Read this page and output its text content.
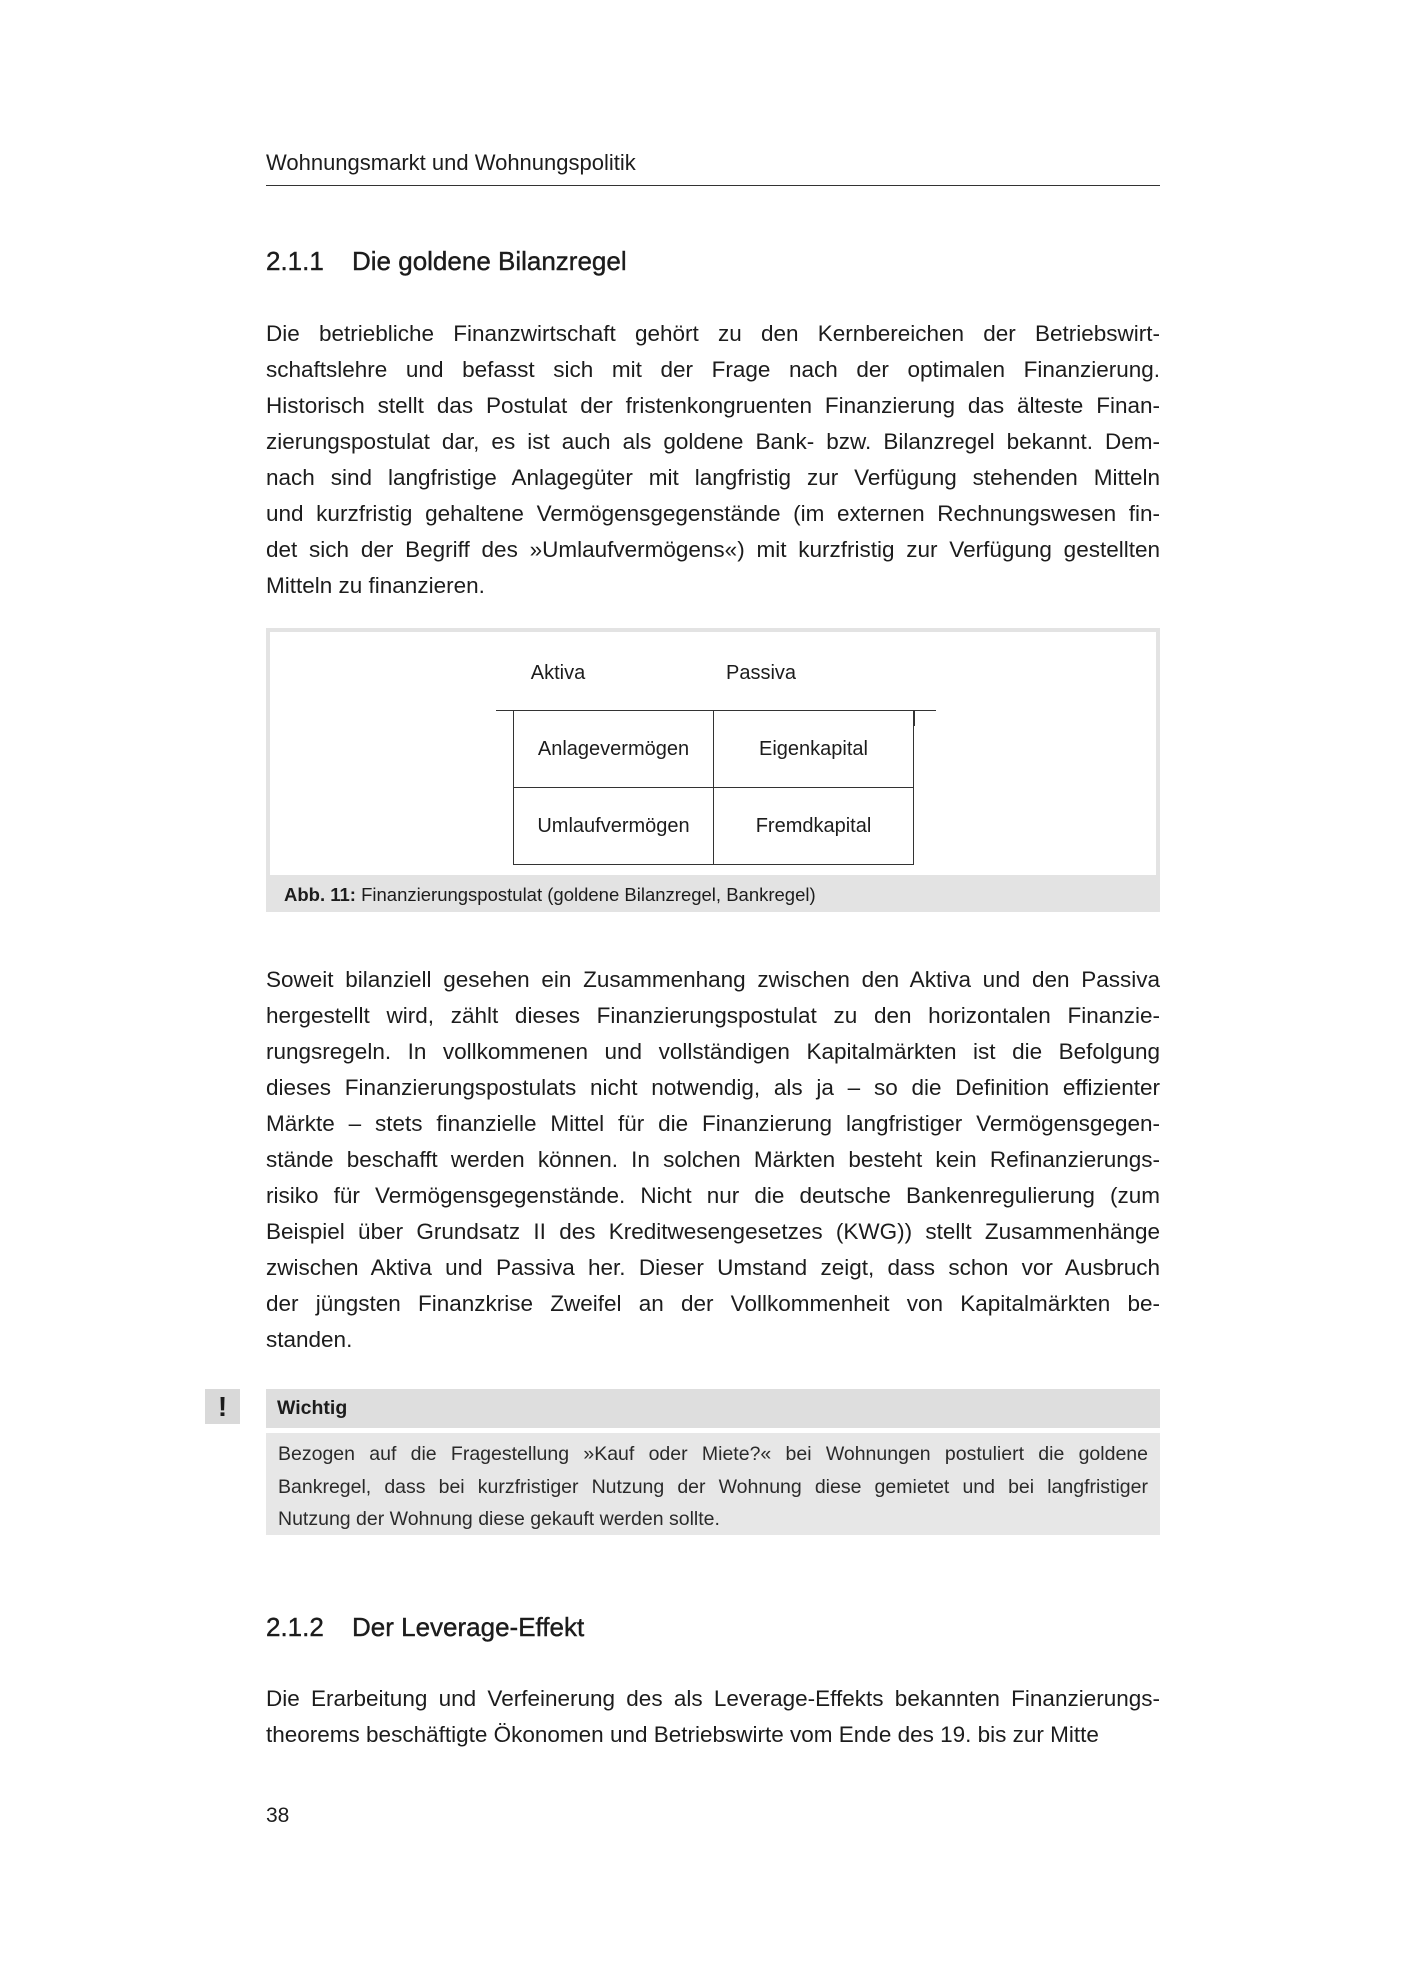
Wohnungsmarkt und Wohnungspolitik
2.1.1 Die goldene Bilanzregel
Die betriebliche Finanzwirtschaft gehört zu den Kernbereichen der Betriebswirt-
schaftslehre und befasst sich mit der Frage nach der optimalen Finanzierung.
Historisch stellt das Postulat der fristenkongruenten Finanzierung das älteste Finan-
zierungspostulat dar, es ist auch als goldene Bank- bzw. Bilanzregel bekannt. Dem-
nach sind langfristige Anlagegüter mit langfristig zur Verfügung stehenden Mitteln
und kurzfristig gehaltene Vermögensgegenstände (im externen Rechnungswesen fin-
det sich der Begriff des »Umlaufvermögens«) mit kurzfristig zur Verfügung gestellten
Mitteln zu finanzieren.
Aktiva	Passiva
Anlagevermögen	Eigenkapital
Umlaufvermögen	Fremdkapital
Abb. 11: Finanzierungspostulat (goldene Bilanzregel, Bankregel)
Soweit bilanziell gesehen ein Zusammenhang zwischen den Aktiva und den Passiva
hergestellt wird, zählt dieses Finanzierungspostulat zu den horizontalen Finanzie-
rungsregeln. In vollkommenen und vollständigen Kapitalmärkten ist die Befolgung
dieses Finanzierungspostulats nicht notwendig, als ja – so die Definition effizienter
Märkte – stets finanzielle Mittel für die Finanzierung langfristiger Vermögensgegen-
stände beschafft werden können. In solchen Märkten besteht kein Refinanzierungs-
risiko für Vermögensgegenstände. Nicht nur die deutsche Bankenregulierung (zum
Beispiel über Grundsatz II des Kreditwesengesetzes (KWG)) stellt Zusammenhänge
zwischen Aktiva und Passiva her. Dieser Umstand zeigt, dass schon vor Ausbruch
der jüngsten Finanzkrise Zweifel an der Vollkommenheit von Kapitalmärkten be-
standen.
!	Wichtig
Bezogen auf die Fragestellung »Kauf oder Miete?« bei Wohnungen postuliert die goldene
Bankregel, dass bei kurzfristiger Nutzung der Wohnung diese gemietet und bei langfristiger
Nutzung der Wohnung diese gekauft werden sollte.
2.1.2 Der Leverage-Effekt
Die Erarbeitung und Verfeinerung des als Leverage-Effekts bekannten Finanzierungs-
theorems beschäftigte Ökonomen und Betriebswirte vom Ende des 19. bis zur Mitte
38
